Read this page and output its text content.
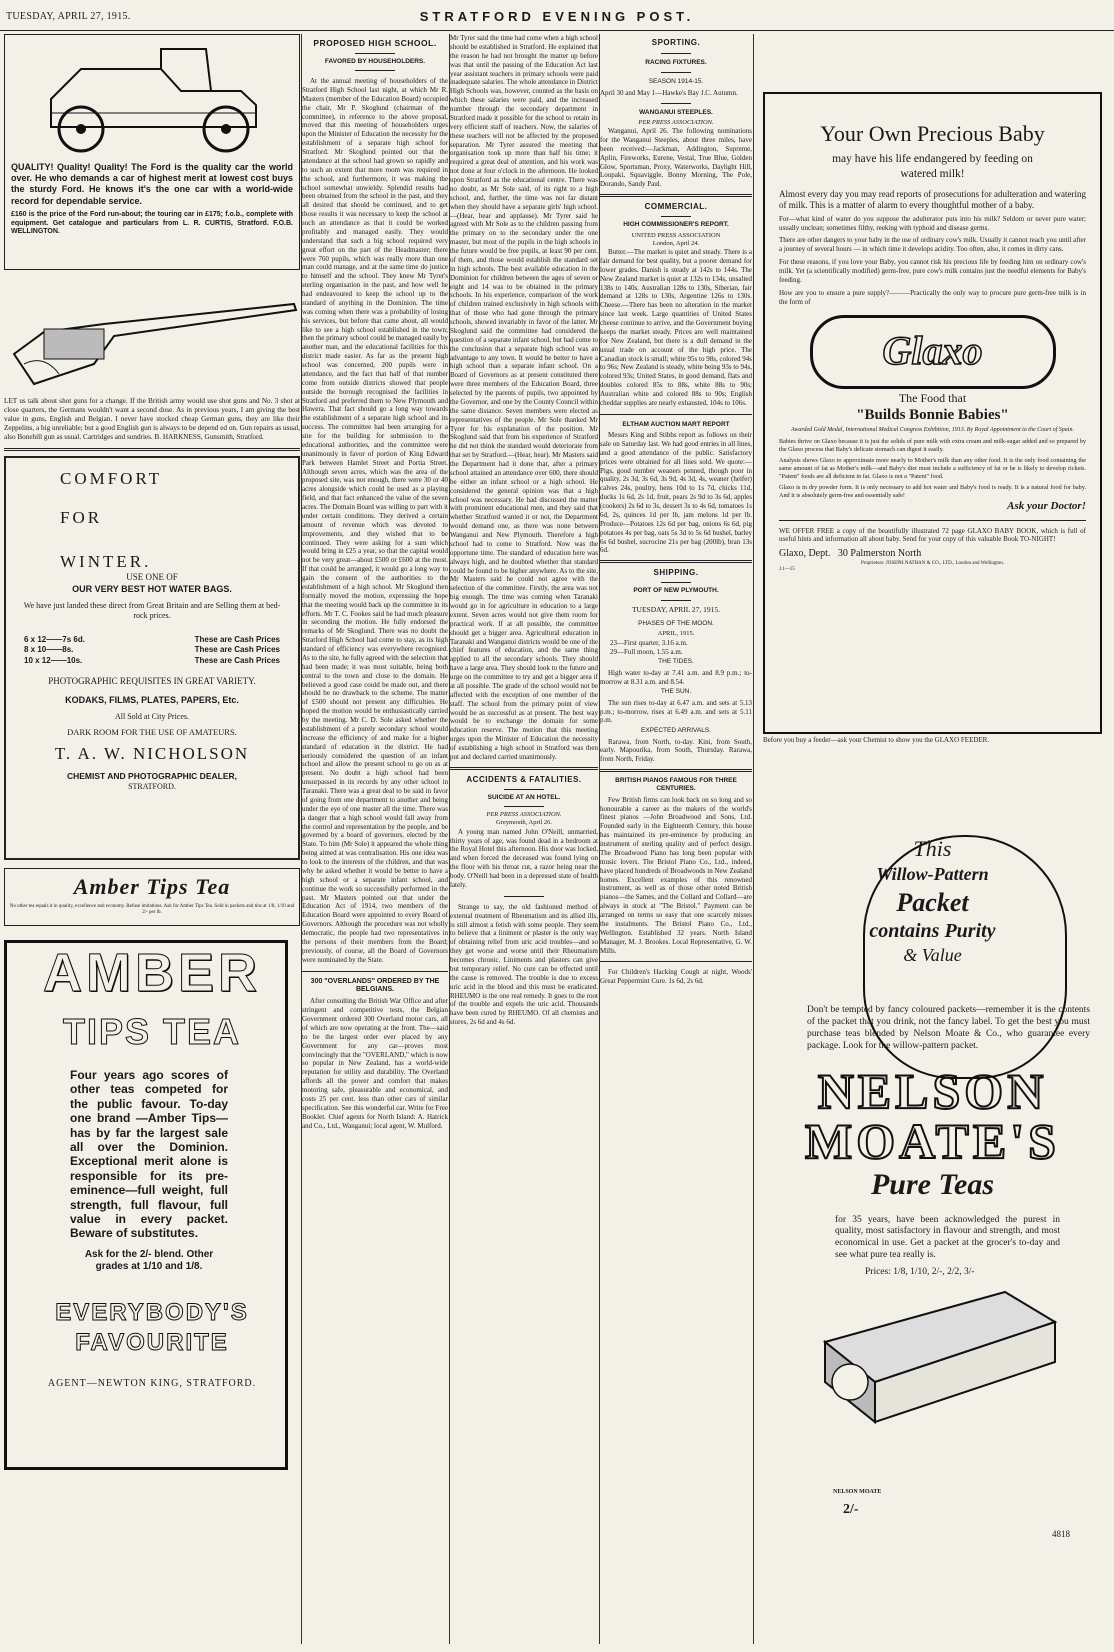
TUESDAY, APRIL 27, 1915.	STRATFORD EVENING POST.
QUALITY! Quality! Quality! The Ford is the quality car the world over. He who demands a car of highest merit at lowest cost buys the sturdy Ford. He knows it's the one car with a world-wide record for dependable service.
£160 is the price of the Ford run-about; the touring car in £175; f.o.b., complete with equipment. Get catalogue and particulars from L. R. CURTIS, Stratford. F.O.B. WELLINGTON.
LET us talk about shot guns for a change. If the British army would use shot guns and No. 3 shot at close quarters, the Germans wouldn't want a second dose. As in previous years, I am giving the best value in guns, English and Belgian. I never have stocked cheap German guns, they are like their Zeppelins, a big unreliable; but a good English gun is always to be depend ed on. Gun repairs as usual, also Bonehill gun as usual. Cartridges and sundries. B. HARKNESS, Gunsmith, Stratford.
COMFORT
FOR
WINTER.
USE ONE OF
OUR VERY BEST HOT WATER BAGS.
We have just landed these direct from Great Britain and are Selling them at bed-rock prices.
6 x 12——7s 6d.	These are Cash Prices
8 x 10——8s.	These are Cash Prices
10 x 12——10s.	These are Cash Prices
PHOTOGRAPHIC REQUISITES IN GREAT VARIETY.
KODAKS, FILMS, PLATES, PAPERS, Etc.
All Sold at City Prices.
DARK ROOM FOR THE USE OF AMATEURS.
T. A. W. NICHOLSON
CHEMIST AND PHOTOGRAPHIC DEALER,
STRATFORD.
Amber Tips Tea
No other tea equals it in quality, excellence and economy. Refuse imitations. Ask for Amber Tips Tea. Sold in packets and tins at 1/8, 1/10 and 2/- per lb.
AMBER
TIPS TEA
Four years ago scores of other teas competed for the public favour. To-day one brand —Amber Tips—has by far the largest sale all over the Dominion. Exceptional merit alone is responsible for its pre-eminence—full weight, full strength, full flavour, full value in every packet. Beware of substitutes.
Ask for the 2/- blend. Other grades at 1/10 and 1/8.
EVERYBODY'S
FAVOURITE
AGENT—NEWTON KING, STRATFORD.
PROPOSED HIGH SCHOOL.
FAVORED BY HOUSEHOLDERS.

At the annual meeting of householders of the Stratford High School last night, at which Mr R. Masters (member of the Education Board) occupied the chair, Mr P. Skoglund (chairman of the committee), in reference to the above proposal, moved that this meeting of householders urges upon the Minister of Education the necessity for the establishment of a separate high school for Stratford. Mr Skoglund pointed out that the attendance at the school had grown so rapidly and to such an extent that more room was required in the school, and furthermore, it was making the school somewhat unwieldy. Splendid results had been obtained from the school in the past, and they all desired that should be continued, and to get those results it was necessary to keep the school at such an attendance as that it could be worked profitably and managed easily. They would understand that such a big school required very great effort on the part of the Headmaster; there were 760 pupils, which was really more than one man could manage, and at the same time do justice to himself and the school. They knew Mr Tyrer's sterling organisation in the past, and how well he had endeavoured to keep the school up to the standard of anything in the Dominion. The time was coming when there was a probability of losing his services, but before that came about, all would like to see a high school established in the town; then the primary school could be managed easily by another man, and the educational facilities for this district made easier. As far as the present high school was concerned, 200 pupils were in attendance, and the fact that half of that number come from outside districts showed that people outside the borough recognised the facilities in Stratford and preferred them to New Plymouth and Hawera. That fact should go a long way towards the establishment of a separate high school and its success. The committee had been arranging for a site for the building for submission to the educational authorities, and the committee were unanimously in favor of portion of King Edward Park between Hamlet Street and Portia Street. Although seven acres, which was the area of the proposed site, was not enough, there were 30 or 40 acres alongside which could be used as a playing field, and that fact enhanced the value of the seven acres. The Domain Board was willing to part with it under certain conditions. They derived a certain amount of revenue which was devoted to improvements, and they wished that to be continued. They were asking for a sum which would bring in £25 a year, so that the capital would not be very great—about £500 or £600 at the most. If that could be arranged, it would go a long way to gain the consent of the authorities to the establishment of a high school. Mr Skoglund then formally moved the motion, expressing the hope that the meeting would back up the committee in its efforts. Mr T. C. Fookes said he had much pleasure in seconding the motion. He fully endorsed the remarks of Mr Skoglund. There was no doubt the Stratford High School had come to stay, as its high standard of efficiency was everywhere recognised. As to the site, he fully agreed with the selection that had been made; it was most suitable, being both central to the town and close to the domain. He believed a good case could be made out, and there should be no drawback to the scheme. The matter of £500 should not present any difficulties. He hoped the motion would be enthusiastically carried by the meeting. Mr C. D. Sole asked whether the establishment of a purely secondary school would increase the efficiency of and make for a higher standard of education in the district. He had seriously considered the question of an infant school and allow the present school to go on as at present. No doubt a high school had been unsurpassed in its records by any other school in Taranaki. There was a great deal to be said in favor of going from one department to another and being under the eye of one master all the time. There was a danger that a high school would fall away from the control and representation by the people, and be governed by a board of governors, elected by the State. To him (Mr Sole) it appeared the whole thing being aimed at was centralisation. His one idea was to look to the interests of the children, and that was why he asked whether it would be better to have a high school or a separate infant school, and continue the work so successfully performed in the past. Mr Masters pointed out that under the Education Act of 1914, two members of the Education Board were appointed to every Board of Governors. Although the procedure was not wholly democratic, the people had two representatives in the persons of their members from the Board; previously, of course, all the Board of Governors were nominated by the State.

300 "OVERLANDS" ORDERED BY THE BELGIANS.

After consulting the British War Office and after stringent and competitive tests, the Belgian Government ordered 300 Overland motor cars, all of which are now operating at the front. The—said to be the largest order ever placed by any Government for any car—proves most convincingly that the "OVERLAND," which is now so popular in New Zealand, has a world-wide reputation for utility and durability. The Overland affords all the power and comfort that makes motoring safe, pleasurable and economical, and costs 25 per cent. less than other cars of similar specification. See this wonderful car. Write for Free Booklet. Chief agents for North Island: A. Hatrick and Co., Ltd., Wanganui; local agent, W. Mulford.

Mr Tyrer said the time had come when a high school should be established in Stratford. He explained that the reason he had not brought the matter up before was that until the passing of the Education Act last year assistant teachers in primary schools were paid inadequate salaries. The whole attendance in District High Schools was, however, counted as the basis on which these salaries were paid, and the increased number through the secondary department in Stratford made it possible for the school to retain its very efficient staff of teachers. Now, the salaries of these teachers will not be affected by the proposed separation. Mr Tyrer assured the meeting that organisation took up more than half his time; it required a great deal of attention, and his work was not done at four o'clock in the afternoon. He looked upon Stratford as the educational centre. There was no doubt, as Mr Sole said, of its right to a high school, and, further, the time was not far distant when they should have a separate girls' high school.—(Hear, hear and applause). Mr Tyrer said he agreed with Mr Sole as to the children passing from the primary on to the secondary under the one master, but most of the pupils in the high schools in the future would be free pupils, at least 90 per cent. of them, and those would establish the standard set in high schools. The best available education in the Dominion for children between the ages of seven or eight and 14 was to be obtained in the primary schools. In his experience, comparison of the work of children trained exclusively in high schools with that of those who had gone through the primary schools, showed invariably in favor of the latter. Mr Skoglund said the committee had considered the question of a separate infant school, but had come to the conclusion that a separate high school was an advantage to any town. It would be better to have a high school than a separate infant school. On a Board of Governors as at present constituted there were three members of the Education Board, three selected by the parents of pupils, two appointed by the Governor, and one by the County Council within the same distance. Seven members were elected as representatives of the people. Mr Sole thanked Mr Tyrer for his explanation of the position. Mr Skoglund said that from his experience of Stratford he did not think the standard would deteriorate from that set by Stratford.—(Hear, hear). Mr Masters said the Department had it done that, after a primary school attained an attendance over 600, there should be either an infant school or a high school. He considered the general opinion was that a high school was necessary. He had discussed the matter with prominent educational men, and they said that whether Stratford wanted it or not, the Department would demand one, as there was none between Wanganui and New Plymouth. Therefore a high school had to come to Stratford. Now was the opportune time. The standard of education here was always high, and he doubted whether that standard could be found to be higher anywhere. As to the site, Mr Masters said he could not agree with the selection of the committee. Firstly, the area was not big enough. The time was coming when Taranaki would go in for agriculture in education to a large extent. Seven acres would not give them room for practical work. If at all possible, the committee should get a bigger area. Agricultural education in Taranaki and Wanganui districts would be one of the chief features of education, and the same thing applied to all the secondary schools. They should have a large area. They should look to the future and urge on the committee to try and get a bigger area if at all possible. The grade of the school would not be affected with the exception of one member of the staff. The school from the primary point of view would be as successful as at present. The best way would be to exchange the domain for some education reserve. The motion that this meeting urges upon the Minister of Education the necessity of establishing a high school in Stratford was then put and declared carried unanimously.

ACCIDENTS & FATALITIES.
SUICIDE AT AN HOTEL.
PER PRESS ASSOCIATION.
Greymouth, April 26.

A young man named John O'Neill, unmarried, thirty years of age, was found dead in a bedroom at the Royal Hotel this afternoon. His door was locked, and when forced the deceased was found lying on the floor with his throat cut, a razor being near the body. O'Neill had been in a depressed state of health lately.

Strange to say, the old fashioned method of external treatment of Rheumatism and its allied ills, is still almost a fetish with some people. They seem to believe that a liniment or plaster is the only way of obtaining relief from uric acid troubles—and so they get worse and worse until their Rheumatism becomes chronic. Liniments and plasters can give but temporary relief. No cure can be effected until the cause is removed. The trouble is due to excess uric acid in the blood and this must be eradicated. RHEUMO is the one real remedy. It goes to the root of the trouble and expels the uric acid. Thousands have been cured by RHEUMO. Of all chemists and stores, 2s 6d and 4s 6d.

SPORTING.
RACING FIXTURES.
SEASON 1914-15.

April 30 and May 1—Hawke's Bay J.C. Autumn.

WANGANUI STEEPLES.
PER PRESS ASSOCIATION.

Wanganui, April 26. The following nominations for the Wanganui Steeples, about three miles, have been received:—Jackman, Addington, Supreme, Aplin, Fireworks, Eurene, Vestal, True Blue, Golden Glow, Sportsman, Proxy, Waterworks, Daylight Hill, Loupaki, Squaviggle, Bonny Morning, The Pole, Dorando, Sandy Paul.

COMMERCIAL.
HIGH COMMISSIONER'S REPORT.
UNITED PRESS ASSOCIATION
London, April 24.

Butter.—The market is quiet and steady. There is a fair demand for best quality, but a poorer demand for lower grades. Danish is steady at 142s to 144s. The New Zealand market is quiet at 132s to 134s, unsalted 138s to 140s. Australian 128s to 130s, Siberian, fair demand at 128s to 130s, Argentine 126s to 130s. Cheese.—There has been no alteration in the market since last week. Large quantities of United States cheese continue to arrive, and the Government buying keeps the market steady. Prices are well maintained for New Zealand, but there is a dull demand in the usual trade on account of the high price. The Canadian stock is small; white 95s to 98s, colored 94s to 96s; New Zealand is steady, white being 93s to 94s, colored 93s; United States, in good demand, flats and doubles colored 85s to 88s, white 88s to 90s; Australian white and colored 88s to 90s; English cheddar supplies are nearly exhausted, 104s to 106s.

ELTHAM AUCTION MART REPORT

Messrs King and Stibbs report as follows on their sale on Saturday last. We had good entries in all lines, and a good attendance of the public. Satisfactory prices were obtained for all lines sold. We quote:—Pigs, good number weaners penned, though poor in quality, 2s 3d, 3s 6d, 3s 9d, 4s 3d, 4s, weaner (heifer) calves 24s, poultry, hens 10d to 1s 7d, chicks 11d, ducks 1s 6d, 2s 1d, fruit, pears 2s 9d to 3s 6d, apples (cookers) 2s 6d to 3s, dessert 3s to 4s 6d, tomatoes 1s 6d, 2s, quinces 1d per lb, jam melons 1d per lb. Produce—Potatoes 12s 6d per bag, onions 6s 6d, pig potatoes 4s per bag, oats 5s 3d to 5s 6d bushel, barley 6s 6d bushel, sucrocine 21s per bag (200lb), bran 13s 6d.

SHIPPING.
PORT OF NEW PLYMOUTH.
TUESDAY, APRIL 27, 1915.
PHASES OF THE MOON.
APRIL, 1915.
23—First quarter, 3.16 a.m.
29—Full moon, 1.55 a.m.
THE TIDES.

High water to-day at 7.41 a.m. and 8.9 p.m.; to-morrow at 8.31 a.m. and 8.54.

THE SUN.

The sun rises to-day at 6.47 a.m. and sets at 5.13 p.m.; to-morrow, rises at 6.49 a.m. and sets at 5.11 p.m.

EXPECTED ARRIVALS.

Rarawa, from North, to-day. Kini, from South, early. Mapourika, from South, Thursday. Rarawa, from North, Friday.

BRITISH PIANOS FAMOUS FOR THREE CENTURIES.

Few British firms can look back on so long and so honourable a career as the makers of the world's finest pianos —John Broadwood and Sons, Ltd. Founded early in the Eighteenth Century, this house has maintained its pre-eminence by producing an instrument of sterling quality and of perfect design. The Broadwood Piano has long been popular with music lovers. The Bristol Piano Co., Ltd., indeed, have placed hundreds of Broadwoods in New Zealand homes. Excellent examples of this renowned instrument, as well as of those other noted British pianos—the Sames, and the Collard and Collard—are always in stock at "The Bristol." Payment can be arranged on terms so easy that one scarcely misses the instalments. The Bristol Piano Co., Ltd., Wellington. Established 32 years. North Island Manager, M. J. Brookes. Local Representative, G. W. Mills.

For Children's Hacking Cough at night, Woods' Great Peppermint Cure. 1s 6d, 2s 6d.

Your Own Precious Baby
may have his life endangered by feeding on watered milk!
Almost every day you may read reports of prosecutions for adulteration and watering of milk. This is a matter of alarm to every thoughtful mother of a baby.
For—what kind of water do you suppose the adulterator puts into his milk? Seldom or never pure water; usually unclean; sometimes filthy, reeking with typhoid and disease germs.
There are other dangers to your baby in the use of ordinary cow's milk. Usually it cannot reach you until after a journey of several hours — in which time it develops acidity. Too often, also, it comes in dirty cans.
For these reasons, if you love your Baby, you cannot risk his precious life by feeding him on ordinary cow's milk. Yet (a scientifically modified) germ-free, pure cow's milk contains just the needful elements for Baby's feeding.
How are you to ensure a pure supply?———Practically the only way to procure pure germ-free milk is in the form of
Glaxo
The Food that
"Builds Bonnie Babies"
Awarded Gold Medal, International Medical Congress Exhibition, 1913. By Royal Appointment to the Court of Spain.
Babies thrive on Glaxo because it is just the solids of pure milk with extra cream and milk-sugar added and so prepared by the Glaxo process that Baby's delicate stomach can digest it easily.
Analysis shows Glaxo to approximate more nearly to Mother's milk than any other food. It is the only food containing the same amount of fat as Mother's milk—and Baby's diet must include a sufficiency of fat or he is likely to develop rickets. "Patent" foods are all deficient in fat. Glaxo is not a "Patent" food.
Glaxo is in dry powder form. It is only necessary to add hot water and Baby's food is ready. It is a natural food for baby. And it is absolutely germ-free and essentially safe!
Ask your Doctor!
WE OFFER FREE a copy of the beautifully illustrated 72 page GLAXO BABY BOOK, which is full of useful hints and information all about baby. Send for your copy of this valuable Book TO-NIGHT!
Glaxo, Dept. 30 Palmerston North
Proprietors: JOSEPH NATHAN & CO., LTD., London and Wellington.
J.1—15
Before you buy a feeder—ask your Chemist to show you the GLAXO FEEDER.
This
Willow-Pattern
Packet
contains Purity
& Value
Don't be tempted by fancy coloured packets—remember it is the contents of the packet that you drink, not the fancy label. To get the best you must purchase teas blended by Nelson Moate & Co., who guarantee every package. Look for the willow-pattern packet.
NELSON
MOATE'S
Pure Teas
for 35 years, have been acknowledged the purest in quality, most satisfactory in flavour and strength, and most economical in use. Get a packet at the grocer's to-day and see what pure tea really is.
Prices: 1/8, 1/10, 2/-, 2/2, 3/-
NELSON MOATE
2/-
4818
